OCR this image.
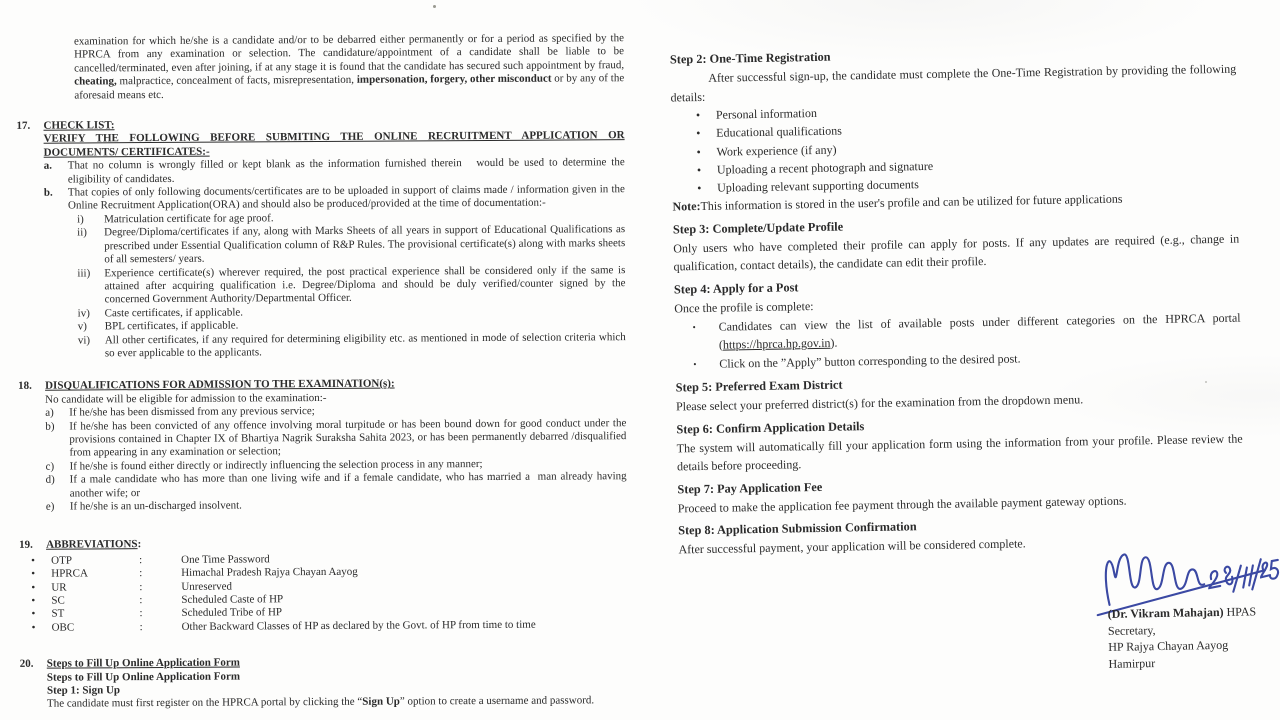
examination for which he/she is a candidate and/or to be debarred either permanently or for a period as specified by the HPRCA from any examination or selection. The candidature/appointment of a candidate shall be liable to be cancelled/terminated, even after joining, if at any stage it is found that the candidate has secured such appointment by fraud, cheating, malpractice, concealment of facts, misrepresentation, impersonation, forgery, other misconduct or by any of the aforesaid means etc.

17.	CHECK LIST:
VERIFY THE FOLLOWING BEFORE SUBMITING THE ONLINE RECRUITMENT APPLICATION OR DOCUMENTS/ CERTIFICATES:-
a.	That no column is wrongly filled or kept blank as the information furnished therein   would be used to determine the eligibility of candidates.
b.	That copies of only following documents/certificates are to be uploaded in support of claims made / information given in the Online Recruitment Application(ORA) and should also be produced/provided at the time of documentation:-
i)	Matriculation certificate for age proof.
ii)	Degree/Diploma/certificates if any, along with Marks Sheets of all years in support of Educational Qualifications as prescribed under Essential Qualification column of R&P Rules. The provisional certificate(s) along with marks sheets of all semesters/ years.
iii)	Experience certificate(s) wherever required, the post practical experience shall be considered only if the same is attained after acquiring qualification i.e. Degree/Diploma and should be duly verified/counter signed by the concerned Government Authority/Departmental Officer.
iv)	Caste certificates, if applicable.
v)	BPL certificates, if applicable.
vi)	All other certificates, if any required for determining eligibility etc. as mentioned in mode of selection criteria which so ever applicable to the applicants.
18.	DISQUALIFICATIONS FOR ADMISSION TO THE EXAMINATION(s):
No candidate will be eligible for admission to the examination:-
a)	If he/she has been dismissed from any previous service;
b)	If he/she has been convicted of any offence involving moral turpitude or has been bound down for good conduct under the provisions contained in Chapter IX of Bhartiya Nagrik Suraksha Sahita 2023, or has been permanently debarred /disqualified from appearing in any examination or selection;
c)	If he/she is found either directly or indirectly influencing the selection process in any manner;
d)	If a male candidate who has more than one living wife and if a female candidate, who has married a  man already having another wife; or
e)	If he/she is an un-discharged insolvent.
19.	ABBREVIATIONS:
•	OTP	:	One Time Password
•	HPRCA	:	Himachal Pradesh Rajya Chayan Aayog
•	UR	:	Unreserved
•	SC	:	Scheduled Caste of HP
•	ST	:	Scheduled Tribe of HP
•	OBC	:	Other Backward Classes of HP as declared by the Govt. of HP from time to time
20.	Steps to Fill Up Online Application Form
Steps to Fill Up Online Application Form
Step 1: Sign Up

The candidate must first register on the HPRCA portal by clicking the “Sign Up” option to create a username and password.

Step 2: One-Time Registration

After successful sign-up, the candidate must complete the One-Time Registration by providing the following details:

•	Personal information
•	Educational qualifications
•	Work experience (if any)
•	Uploading a recent photograph and signature
•	Uploading relevant supporting documents

Note:This information is stored in the user's profile and can be utilized for future applications

Step 3: Complete/Update Profile

Only users who have completed their profile can apply for posts. If any updates are required (e.g., change in qualification, contact details), the candidate can edit their profile.

Step 4: Apply for a Post

Once the profile is complete:

•	Candidates can view the list of available posts under different categories on the HPRCA portal (https://hprca.hp.gov.in).
•	Click on the ”Apply” button corresponding to the desired post.
Step 5: Preferred Exam District

Please select your preferred district(s) for the examination from the dropdown menu.

Step 6: Confirm Application Details

The system will automatically fill your application form using the information from your profile. Please review the details before proceeding.

Step 7: Pay Application Fee

Proceed to make the application fee payment through the available payment gateway options.

Step 8: Application Submission Confirmation

After successful payment, your application will be considered complete.

(Dr. Vikram Mahajan) HPAS
Secretary,
HP Rajya Chayan Aayog
Hamirpur
